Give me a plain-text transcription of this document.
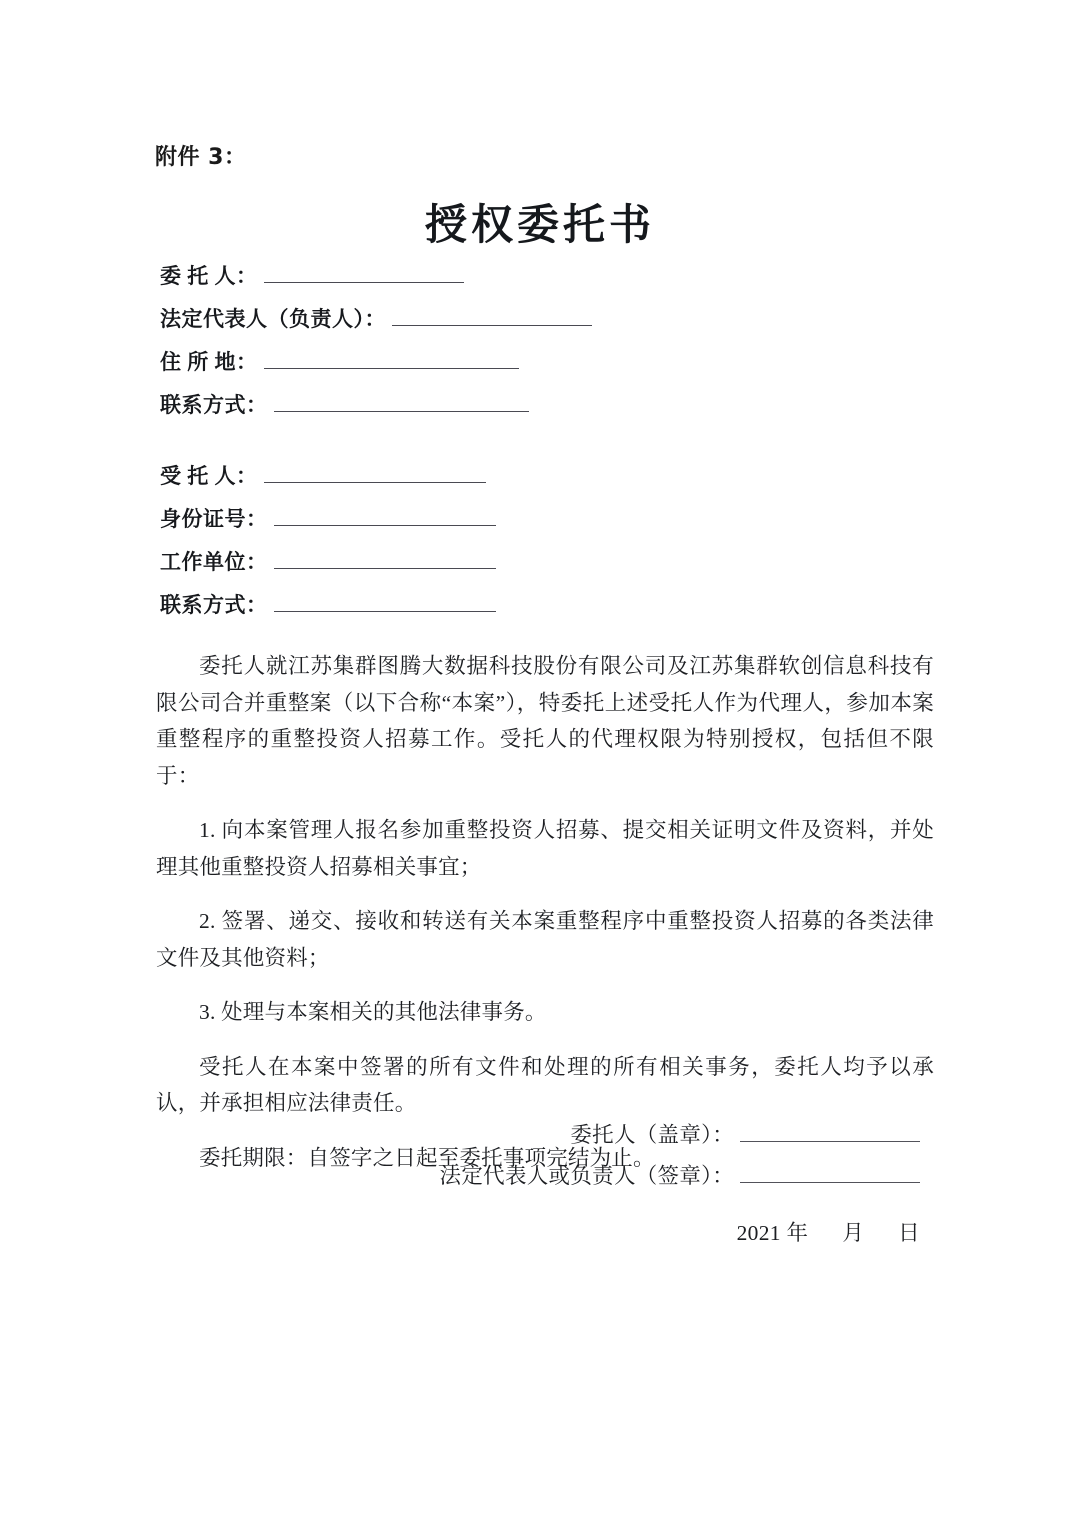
附件 3：
授权委托书
委 托 人：
法定代表人（负责人）：
住 所 地：
联系方式：
受 托 人：
身份证号：
工作单位：
联系方式：

委托人就江苏集群图腾大数据科技股份有限公司及江苏集群软创信息科技有限公司合并重整案（以下合称“本案”），特委托上述受托人作为代理人，参加本案重整程序的重整投资人招募工作。受托人的代理权限为特别授权，包括但不限于：

1. 向本案管理人报名参加重整投资人招募、提交相关证明文件及资料，并处理其他重整投资人招募相关事宜；

2. 签署、递交、接收和转送有关本案重整程序中重整投资人招募的各类法律文件及其他资料；

3. 处理与本案相关的其他法律事务。

受托人在本案中签署的所有文件和处理的所有相关事务，委托人均予以承认，并承担相应法律责任。

委托期限：自签字之日起至委托事项完结为止。

委托人（盖章）：
法定代表人或负责人（签章）：
2021 年      月      日
